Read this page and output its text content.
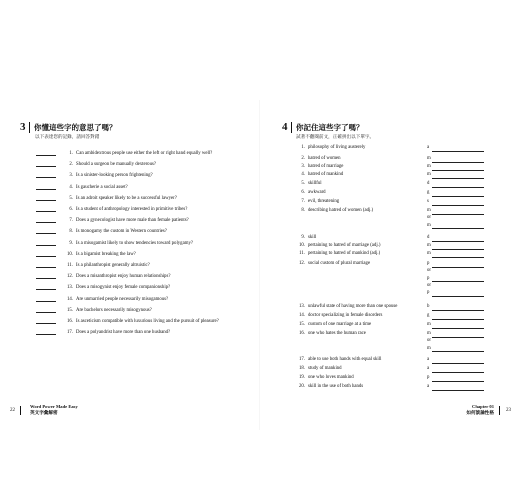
3 你懂這些字的意思了嗎？
以下表達您的記錄，請回答對錯
1. Can ambidextrous people use either the left or right hand equally well?
2. Should a surgeon be manually dexterous?
3. Is a sinister-looking person frightening?
4. Is gaucherie a social asset?
5. Is an adroit speaker likely to be a successful lawyer?
6. Is a student of anthropology interested in primitive tribes?
7. Does a gynecologist have more male than female patients?
8. Is monogamy the custom in Western countries?
9. Is a misogamist likely to show tendencies toward polygamy?
10. Is a bigamist breaking the law?
11. Is a philanthropist generally altruistic?
12. Does a misanthropist enjoy human relationships?
13. Does a misogynist enjoy female companionship?
14. Are unmarried people necessarily misogamous?
15. Are bachelors necessarily misogynous?
16. Is asceticism compatible with luxurious living and the pursuit of pleasure?
17. Does a polyandrist have more than one husband?
22
Word Power Made Easy
英文字彙解密
4 你記住這些字了嗎？
試著不翻閱前文，正確拼出以下單字。
1. philosophy of living austerely	a
2. hatred of women	m
3. hatred of marriage	m
4. hatred of mankind	m
5. skillful	d
6. awkward	g
7. evil, threatening	s
8. describing hatred of women (adj.)	m
or
m
9. skill	d
10. pertaining to hatred of marriage (adj.)	m
11. pertaining to hatred of mankind (adj.)	m
12. social custom of plural marriage	p
or
p
or
p
13. unlawful state of having more than one spouse	b
14. doctor specializing in female disorders	g
15. custom of one marriage at a time	m
16. one who hates the human race	m
or
m
17. able to use both hands with equal skill	a
18. study of mankind	a
19. one who loves mankind	p
20. skill in the use of both hands	a
Chapter 01
如何談論性格 23
